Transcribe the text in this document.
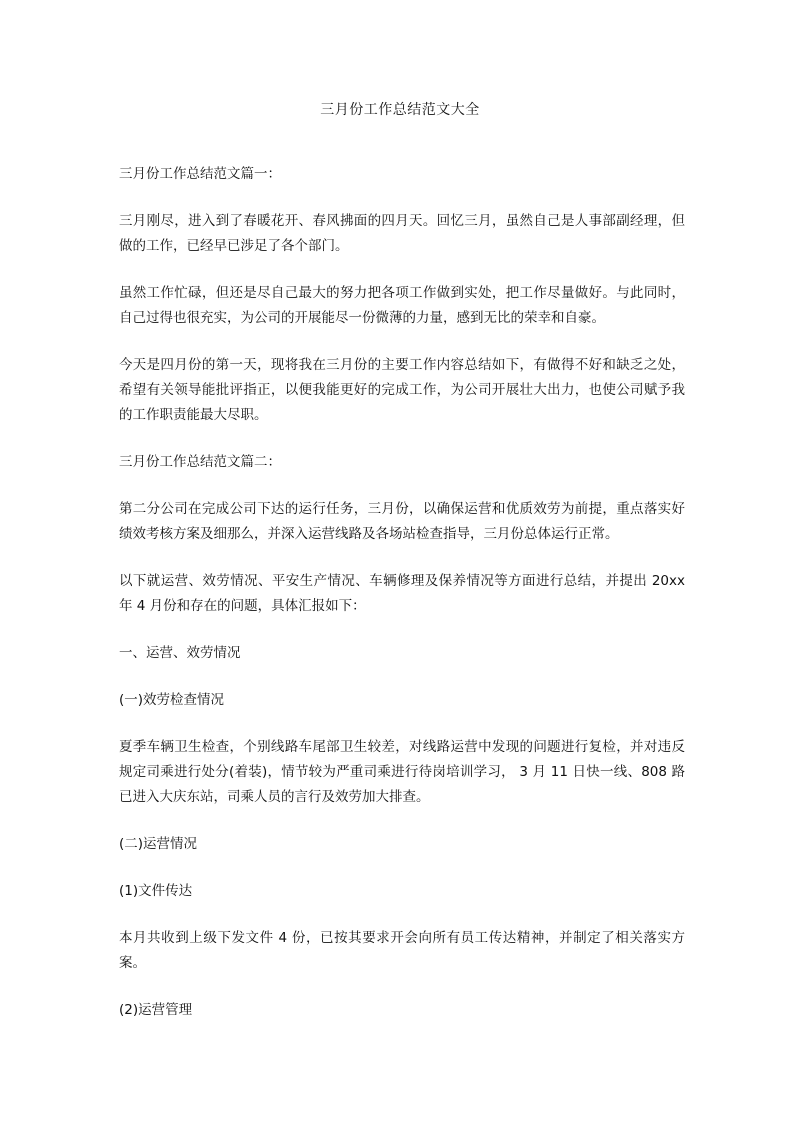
三月份工作总结范文大全

三月份工作总结范文篇一：

三月刚尽，进入到了春暖花开、春风拂面的四月天。回忆三月，虽然自己是人事部副经理，但做的工作，已经早已涉足了各个部门。

虽然工作忙碌，但还是尽自己最大的努力把各项工作做到实处，把工作尽量做好。与此同时，自己过得也很充实，为公司的开展能尽一份微薄的力量，感到无比的荣幸和自豪。

今天是四月份的第一天，现将我在三月份的主要工作内容总结如下，有做得不好和缺乏之处，希望有关领导能批评指正，以便我能更好的完成工作，为公司开展壮大出力，也使公司赋予我的工作职责能最大尽职。

三月份工作总结范文篇二：

第二分公司在完成公司下达的运行任务，三月份，以确保运营和优质效劳为前提，重点落实好绩效考核方案及细那么，并深入运营线路及各场站检查指导，三月份总体运行正常。

以下就运营、效劳情况、平安生产情况、车辆修理及保养情况等方面进行总结，并提出 20xx 年 4 月份和存在的问题，具体汇报如下：

一、运营、效劳情况

(一)效劳检查情况

夏季车辆卫生检查，个别线路车尾部卫生较差，对线路运营中发现的问题进行复检，并对违反规定司乘进行处分(着装)，情节较为严重司乘进行待岗培训学习， 3 月 11 日快一线、808 路已进入大庆东站，司乘人员的言行及效劳加大排查。

(二)运营情况

(1)文件传达

本月共收到上级下发文件 4 份，已按其要求开会向所有员工传达精神，并制定了相关落实方案。

(2)运营管理
